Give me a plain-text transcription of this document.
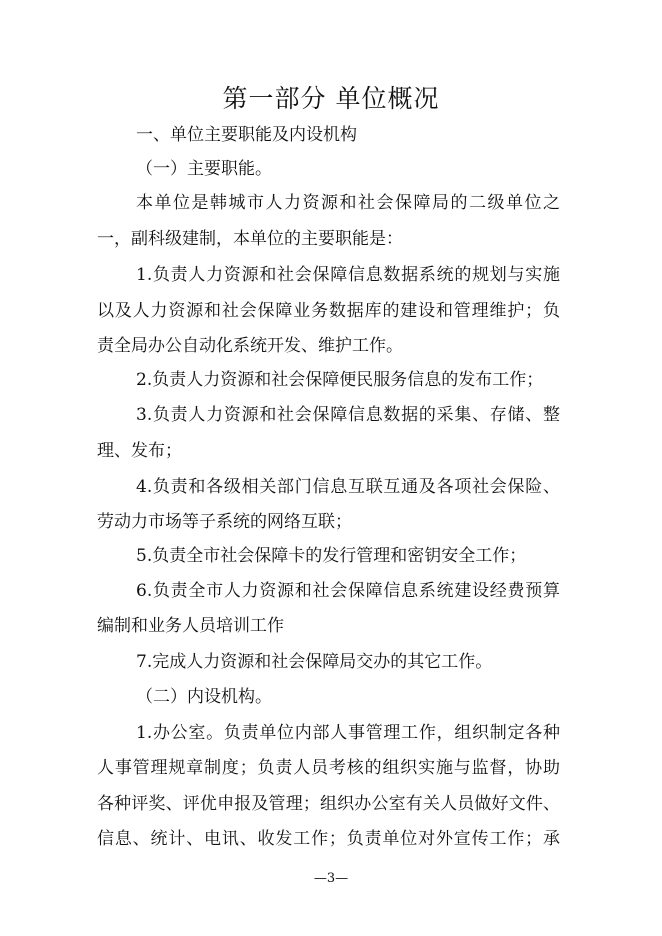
第一部分 单位概况
一、单位主要职能及内设机构
（一）主要职能。
本单位是韩城市人力资源和社会保障局的二级单位之
一，副科级建制，本单位的主要职能是：
1.负责人力资源和社会保障信息数据系统的规划与实施
以及人力资源和社会保障业务数据库的建设和管理维护；负
责全局办公自动化系统开发、维护工作。
2.负责人力资源和社会保障便民服务信息的发布工作；
3.负责人力资源和社会保障信息数据的采集、存储、整
理、发布；
4.负责和各级相关部门信息互联互通及各项社会保险、
劳动力市场等子系统的网络互联；
5.负责全市社会保障卡的发行管理和密钥安全工作；
6.负责全市人力资源和社会保障信息系统建设经费预算
编制和业务人员培训工作
7.完成人力资源和社会保障局交办的其它工作。
（二）内设机构。
1.办公室。负责单位内部人事管理工作，组织制定各种
人事管理规章制度；负责人员考核的组织实施与监督，协助
各种评奖、评优申报及管理；组织办公室有关人员做好文件、
信息、统计、电讯、收发工作；负责单位对外宣传工作；承
—3—
